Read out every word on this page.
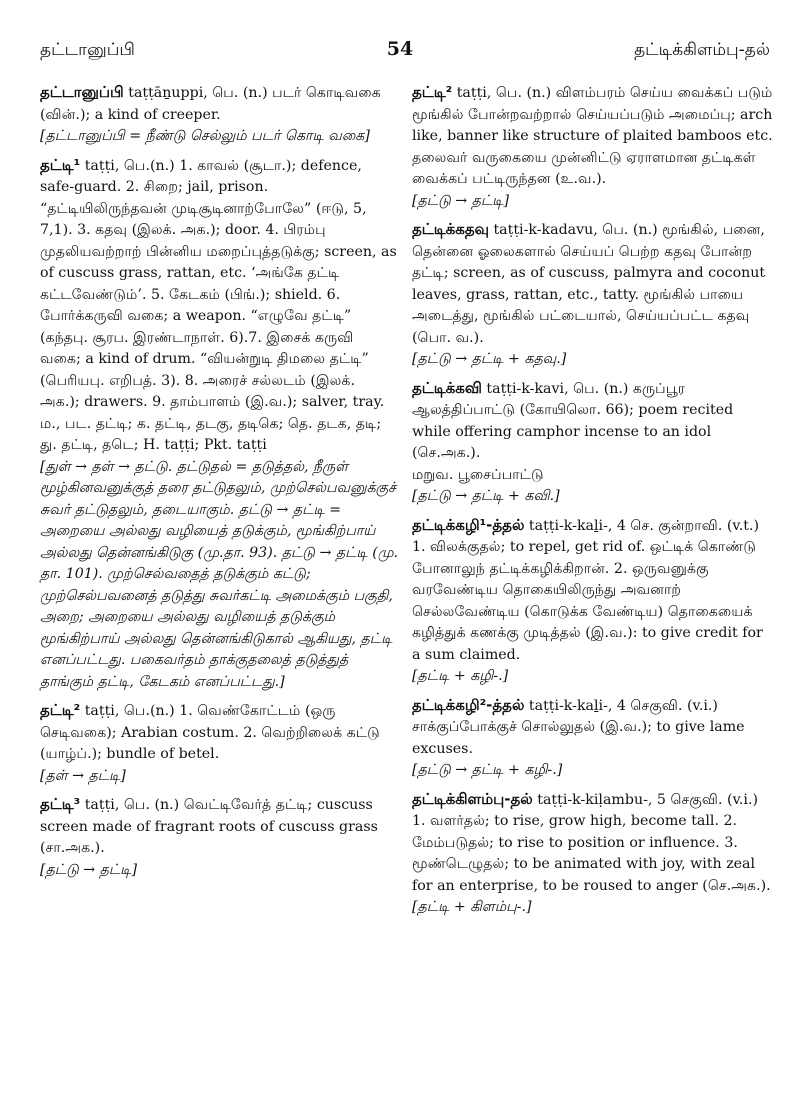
தட்டானுப்பி	54	தட்டிக்கிளம்பு-தல்

தட்டானுப்பி taṭṭāṉuppi, பெ. (n.) படர் கொடிவகை (வின்.); a kind of creeper.

[தட்டானுப்பி = நீண்டு செல்லும் படர் கொடி வகை]

தட்டி¹ taṭṭi, பெ.(n.) 1. காவல் (சூடா.); defence, safe-guard. 2. சிறை; jail, prison. “தட்டியிலிருந்தவன் முடிசூடினாற்போலே” (ஈடு, 5, 7,1). 3. கதவு (இலக். அக.); door. 4. பிரம்பு முதலியவற்றாற் பின்னிய மறைப்புத்தடுக்கு; screen, as of cuscuss grass, rattan, etc. ‘அங்கே தட்டி கட்டவேண்டும்’. 5. கேடகம் (பிங்.); shield. 6. போர்க்கருவி வகை; a weapon. “எழுவே தட்டி” (கந்தபு. சூரப. இரண்டாநாள். 6).7. இசைக் கருவி வகை; a kind of drum. “வியன்றுடி திமலை தட்டி” (பெரியபு. எறிபத். 3). 8. அரைச் சல்லடம் (இலக். அக.); drawers. 9. தாம்பாளம் (இ.வ.); salver, tray.

ம., பட. தட்டி; க. தட்டி, தடகு, தடிகெ; தெ. தடக, தடி; து. தட்டி, தடெ; H. taṭṭi; Pkt. taṭṭi

[துள் → தள் → தட்டு. தட்டுதல் = தடுத்தல், நீருள் மூழ்கினவனுக்குத் தரை தட்டுதலும், முற்செல்பவனுக்குச் சுவர் தட்டுதலும், தடையாகும். தட்டு → தட்டி = அறையை அல்லது வழியைத் தடுக்கும், மூங்கிற்பாய் அல்லது தென்னங்கிடுகு (மு.தா. 93). தட்டு → தட்டி (மு. தா. 101). முற்செல்வதைத் தடுக்கும் கட்டு; முற்செல்பவனைத் தடுத்து சுவர்கட்டி அமைக்கும் பகுதி, அறை; அறையை அல்லது வழியைத் தடுக்கும் மூங்கிற்பாய் அல்லது தென்னங்கிடுகால் ஆகியது, தட்டி எனப்பட்டது. பகைவர்தம் தாக்குதலைத் தடுத்துத் தாங்கும் தட்டி, கேடகம் எனப்பட்டது.]

தட்டி² taṭṭi, பெ.(n.) 1. வெண்கோட்டம் (ஒரு செடிவகை); Arabian costum. 2. வெற்றிலைக் கட்டு (யாழ்ப்.); bundle of betel.

[தள் → தட்டி]

தட்டி³ taṭṭi, பெ. (n.) வெட்டிவேர்த் தட்டி; cuscuss screen made of fragrant roots of cuscuss grass (சா.அக.).

[தட்டு → தட்டி]

தட்டி² taṭṭi, பெ. (n.) விளம்பரம் செய்ய வைக்கப் படும் மூங்கில் போன்றவற்றால் செய்யப்படும் அமைப்பு; arch like, banner like structure of plaited bamboos etc. தலைவர் வருகையை முன்னிட்டு ஏராளமான தட்டிகள் வைக்கப் பட்டிருந்தன (உ.வ.).

[தட்டு → தட்டி]

தட்டிக்கதவு taṭṭi-k-kadavu, பெ. (n.) மூங்கில், பனை, தென்னை ஓலைகளால் செய்யப் பெற்ற கதவு போன்ற தட்டி; screen, as of cuscuss, palmyra and coconut leaves, grass, rattan, etc., tatty. மூங்கில் பாயை அடைத்து, மூங்கில் பட்டையால், செய்யப்பட்ட கதவு (பொ. வ.).

[தட்டு → தட்டி + கதவு.]

தட்டிக்கவி taṭṭi-k-kavi, பெ. (n.) கருப்பூர ஆலத்திப்பாட்டு (கோயிலொ. 66); poem recited while offering camphor incense to an idol (செ.அக.).

மறுவ. பூசைப்பாட்டு

[தட்டு → தட்டி + கவி.]

தட்டிக்கழி¹-த்தல் taṭṭi-k-kaḻi-, 4 செ. குன்றாவி. (v.t.) 1. விலக்குதல்; to repel, get rid of. ஒட்டிக் கொண்டு போனாலுந் தட்டிக்கழிக்கிறான். 2. ஒருவனுக்கு வரவேண்டிய தொகையிலிருந்து அவனாற் செல்லவேண்டிய (கொடுக்க வேண்டிய) தொகையைக் கழித்துக் கணக்கு முடித்தல் (இ.வ.): to give credit for a sum claimed.

[தட்டி + கழி-.]

தட்டிக்கழி²-த்தல் taṭṭi-k-kaḻi-, 4 செகுவி. (v.i.) சாக்குப்போக்குச் சொல்லுதல் (இ.வ.); to give lame excuses.

[தட்டு → தட்டி + கழி-.]

தட்டிக்கிளம்பு-தல் taṭṭi-k-kiḷambu-, 5 செகுவி. (v.i.) 1. வளர்தல்; to rise, grow high, become tall. 2. மேம்படுதல்; to rise to position or influence. 3. மூண்டெழுதல்; to be animated with joy, with zeal for an enterprise, to be roused to anger (செ.அக.).

[தட்டி + கிளம்பு-.]
